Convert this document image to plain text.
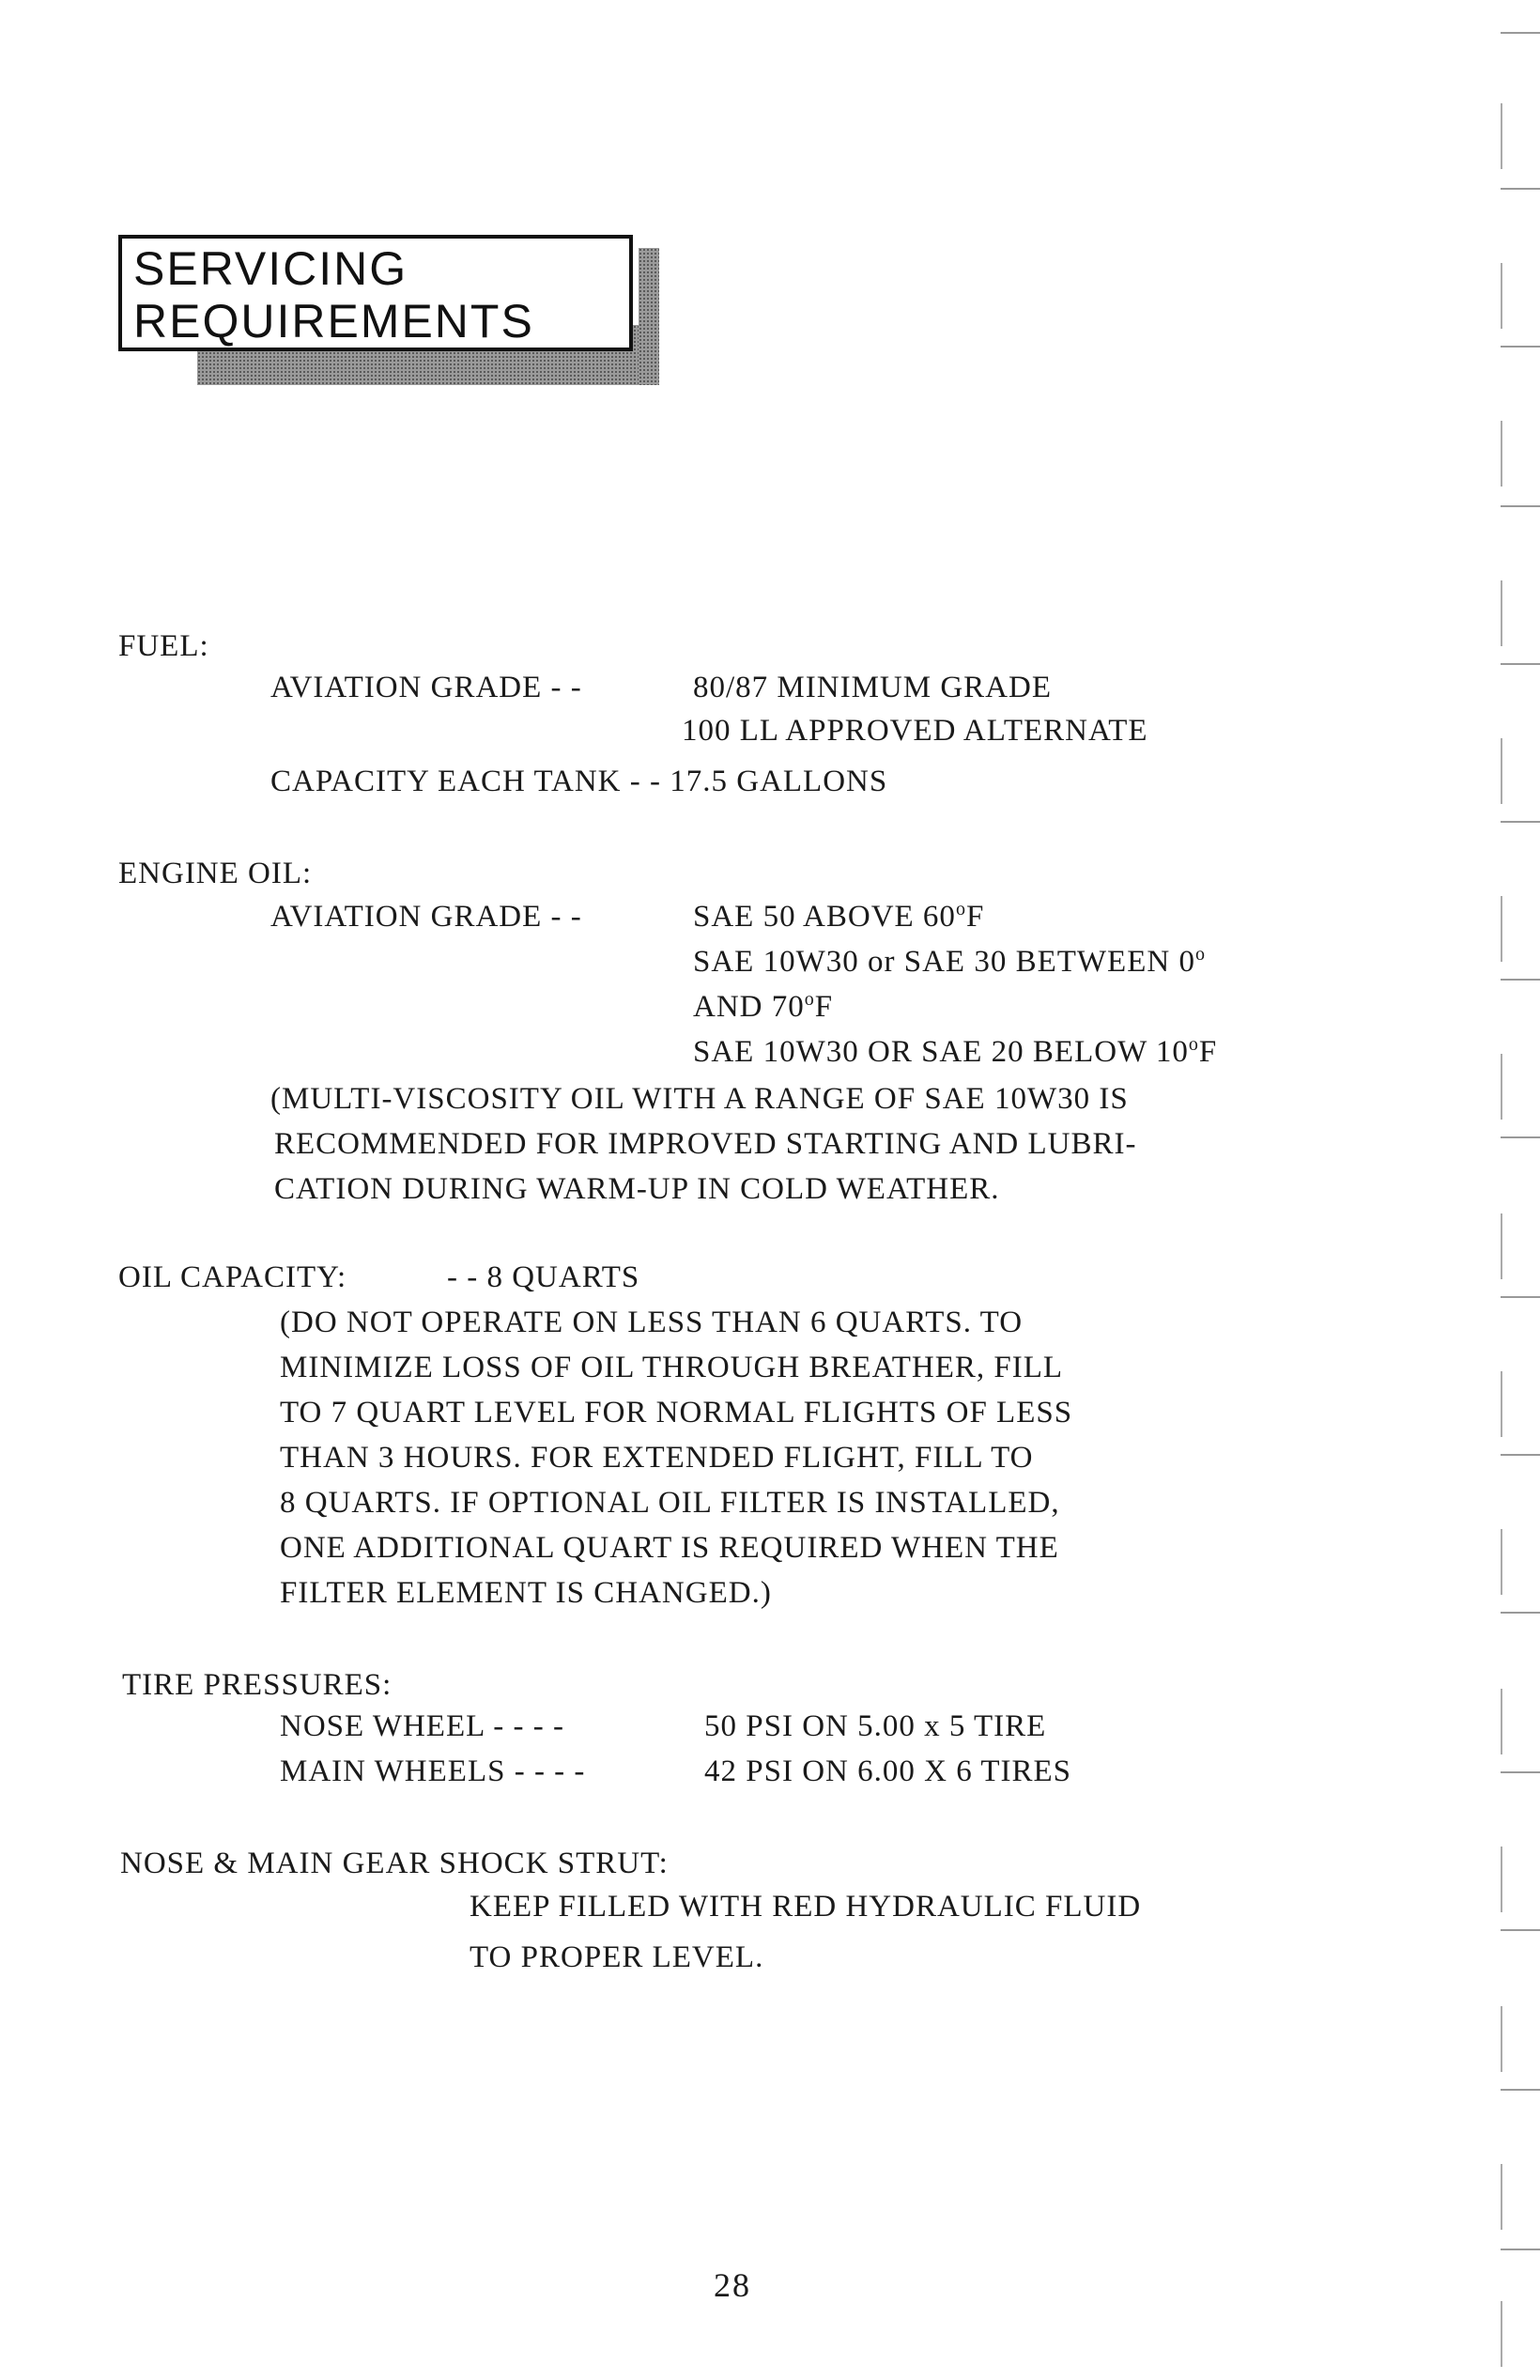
SERVICING
REQUIREMENTS
FUEL:
AVIATION GRADE - -	80/87 MINIMUM GRADE
100 LL APPROVED ALTERNATE
CAPACITY EACH TANK - - 17.5 GALLONS
ENGINE OIL:
AVIATION GRADE - -	SAE 50 ABOVE 60$^o$F
SAE 10W30 or SAE 30 BETWEEN 0$^o$
AND 70$^o$F
SAE 10W30 OR SAE 20 BELOW 10$^o$F
(MULTI-VISCOSITY OIL WITH A RANGE OF SAE 10W30 IS
RECOMMENDED FOR IMPROVED STARTING AND LUBRI-
CATION DURING WARM-UP IN COLD WEATHER.
OIL CAPACITY:	- - 8 QUARTS
(DO NOT OPERATE ON LESS THAN 6 QUARTS. TO
MINIMIZE LOSS OF OIL THROUGH BREATHER, FILL
TO 7 QUART LEVEL FOR NORMAL FLIGHTS OF LESS
THAN 3 HOURS. FOR EXTENDED FLIGHT, FILL TO
8 QUARTS. IF OPTIONAL OIL FILTER IS INSTALLED,
ONE ADDITIONAL QUART IS REQUIRED WHEN THE
FILTER ELEMENT IS CHANGED.)
TIRE PRESSURES:
NOSE WHEEL - - - -	50 PSI ON 5.00 x 5 TIRE
MAIN WHEELS - - - -	42 PSI ON 6.00 X 6 TIRES
NOSE & MAIN GEAR SHOCK STRUT:
KEEP FILLED WITH RED HYDRAULIC FLUID
TO PROPER LEVEL.
28
